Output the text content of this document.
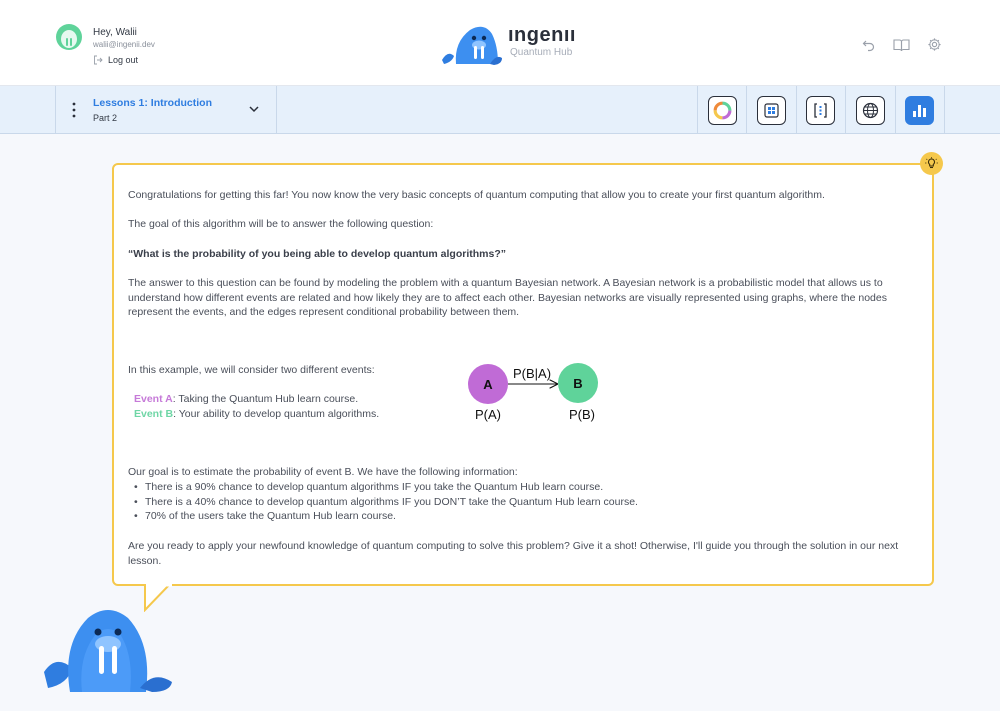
Hey, Walii
walii@ingenii.dev
Log out
ıngenıı
Quantum Hub
Lessons 1: Introduction
Part 2
Congratulations for getting this far! You now know the very basic concepts of quantum computing that allow you to create your first quantum algorithm.
The goal of this algorithm will be to answer the following question:
“What is the probability of you being able to develop quantum algorithms?”
The answer to this question can be found by modeling the problem with a quantum Bayesian network. A Bayesian network is a probabilistic model that allows us to understand how different events are related and how likely they are to affect each other. Bayesian networks are visually represented using graphs, where the nodes represent the events, and the edges represent conditional probability between them.
In this example, we will consider two different events:
Event A: Taking the Quantum Hub learn course.
Event B: Your ability to develop quantum algorithms.
A	B
P(B|A)
P(A)	P(B)
Our goal is to estimate the probability of event B. We have the following information:
• There is a 90% chance to develop quantum algorithms IF you take the Quantum Hub learn course.
• There is a 40% chance to develop quantum algorithms IF you DON’T take the Quantum Hub learn course.
• 70% of the users take the Quantum Hub learn course.
Are you ready to apply your newfound knowledge of quantum computing to solve this problem? Give it a shot! Otherwise, I'll guide you through the solution in our next lesson.
